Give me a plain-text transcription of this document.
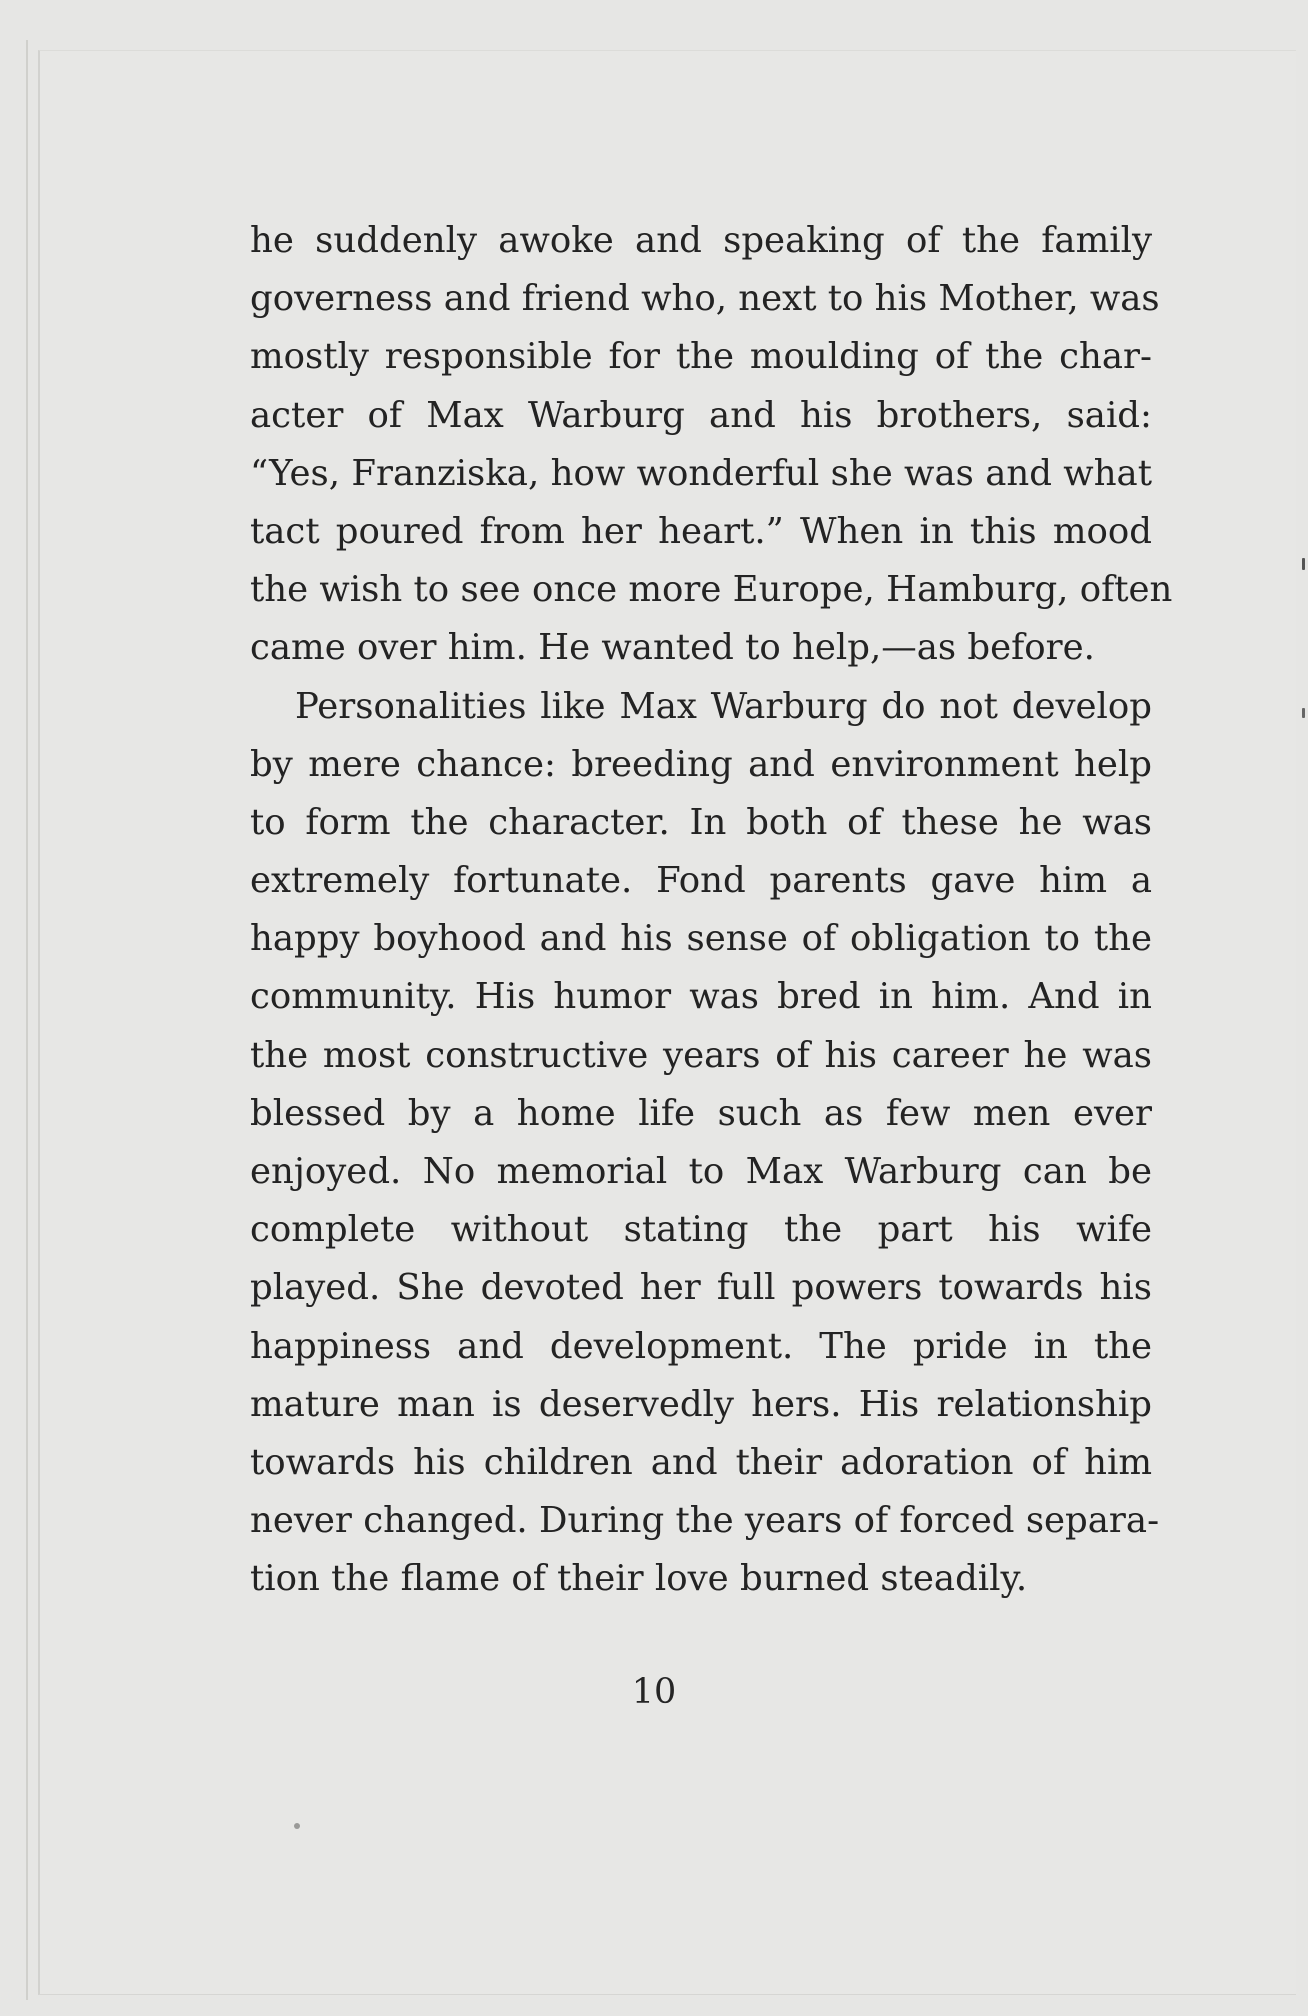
he suddenly awoke and speaking of the family
governess and friend who, next to his Mother, was
mostly responsible for the moulding of the char-
acter of Max Warburg and his brothers, said:
“Yes, Franziska, how wonderful she was and what
tact poured from her heart.” When in this mood
the wish to see once more Europe, Hamburg, often
came over him. He wanted to help,—as before.
Personalities like Max Warburg do not develop
by mere chance: breeding and environment help
to form the character. In both of these he was
extremely fortunate. Fond parents gave him a
happy boyhood and his sense of obligation to the
community. His humor was bred in him. And in
the most constructive years of his career he was
blessed by a home life such as few men ever
enjoyed. No memorial to Max Warburg can be
complete without stating the part his wife
played. She devoted her full powers towards his
happiness and development. The pride in the
mature man is deservedly hers. His relationship
towards his children and their adoration of him
never changed. During the years of forced separa-
tion the flame of their love burned steadily.
10
